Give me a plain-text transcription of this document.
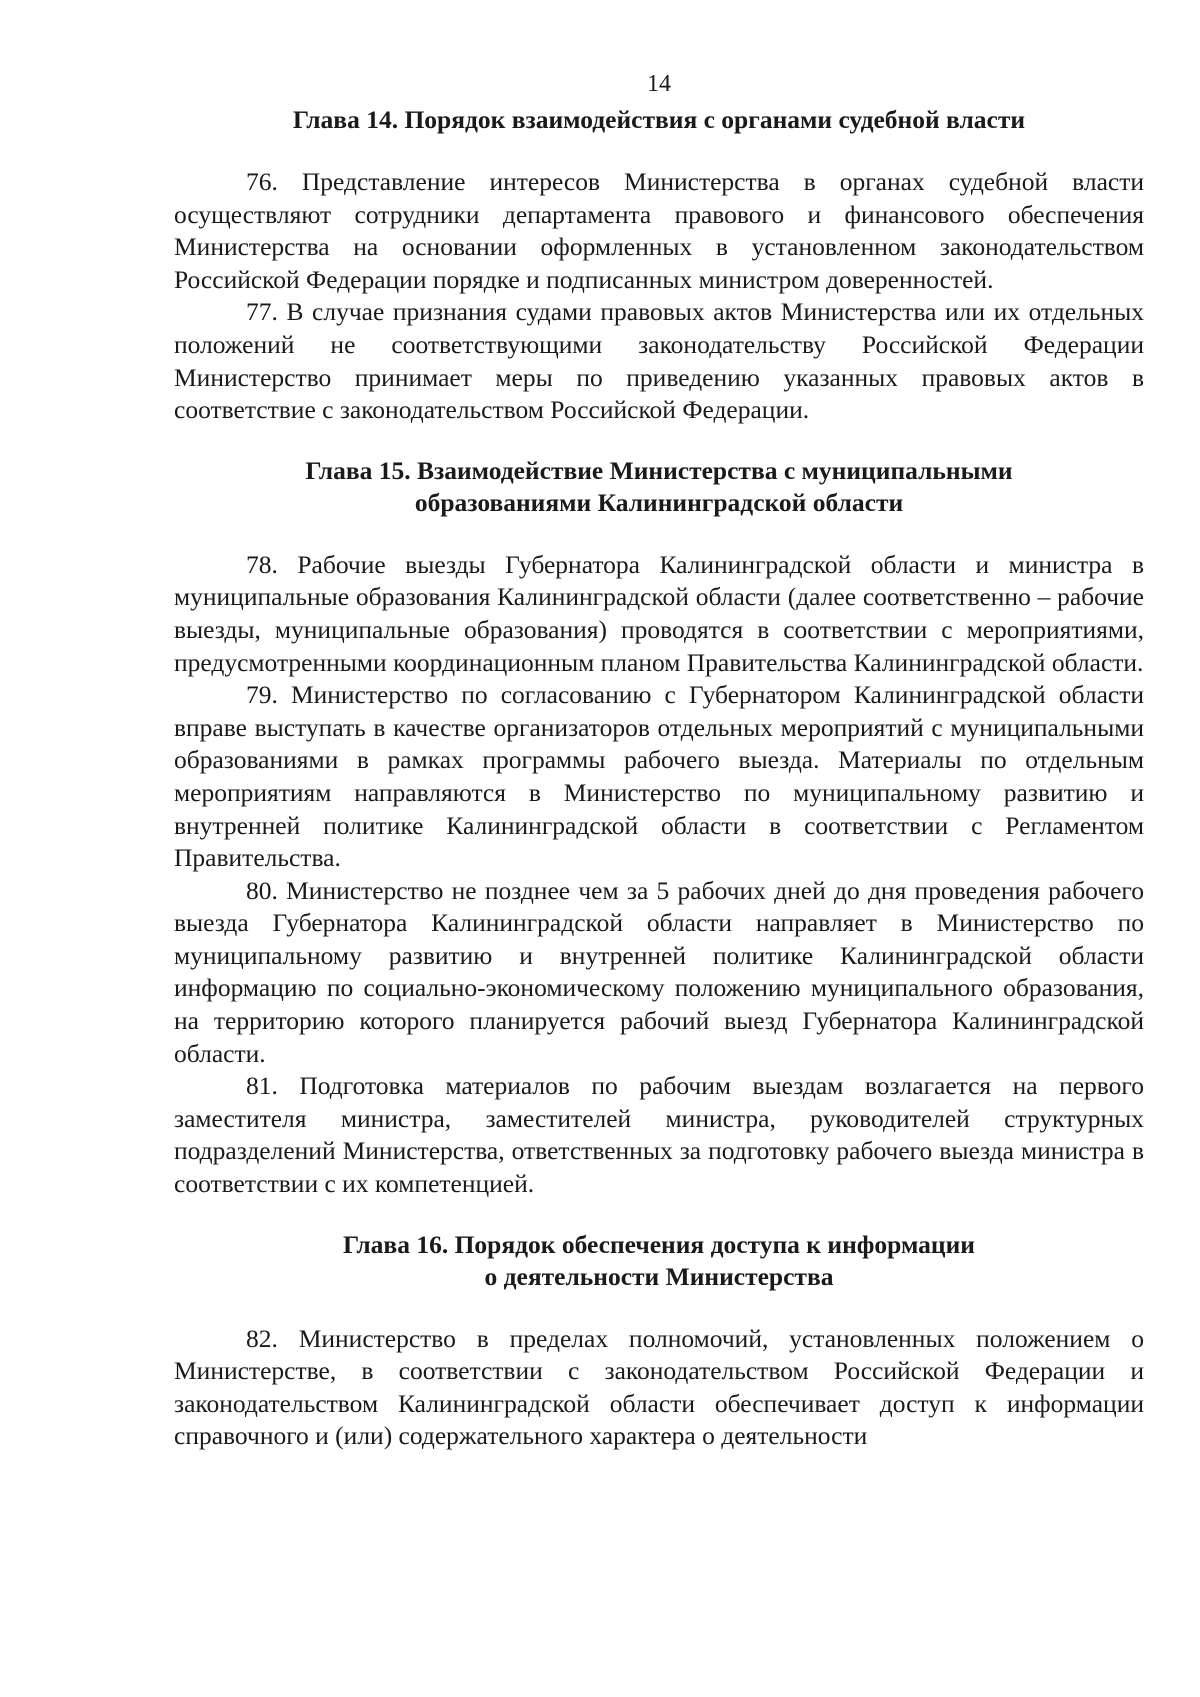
14
Глава 14. Порядок взаимодействия с органами судебной власти

76. Представление интересов Министерства в органах судебной власти осуществляют сотрудники департамента правового и финансового обеспечения Министерства на основании оформленных в установленном законодательством Российской Федерации порядке и подписанных министром доверенностей.

77. В случае признания судами правовых актов Министерства или их отдельных положений не соответствующими законодательству Российской Федерации Министерство принимает меры по приведению указанных правовых актов в соответствие с законодательством Российской Федерации.

Глава 15. Взаимодействие Министерства с муниципальными
образованиями Калининградской области

78. Рабочие выезды Губернатора Калининградской области и министра в муниципальные образования Калининградской области (далее соответственно – рабочие выезды, муниципальные образования) проводятся в соответствии с мероприятиями, предусмотренными координационным планом Правительства Калининградской области.

79. Министерство по согласованию с Губернатором Калининградской области вправе выступать в качестве организаторов отдельных мероприятий с муниципальными образованиями в рамках программы рабочего выезда. Материалы по отдельным мероприятиям направляются в Министерство по муниципальному развитию и внутренней политике Калининградской области в соответствии с Регламентом Правительства.

80. Министерство не позднее чем за 5 рабочих дней до дня проведения рабочего выезда Губернатора Калининградской области направляет в Министерство по муниципальному развитию и внутренней политике Калининградской области информацию по социально-экономическому положению муниципального образования, на территорию которого планируется рабочий выезд Губернатора Калининградской области.

81. Подготовка материалов по рабочим выездам возлагается на первого заместителя министра, заместителей министра, руководителей структурных подразделений Министерства, ответственных за подготовку рабочего выезда министра в соответствии с их компетенцией.

Глава 16. Порядок обеспечения доступа к информации
о деятельности Министерства

82. Министерство в пределах полномочий, установленных положением о Министерстве, в соответствии с законодательством Российской Федерации и законодательством Калининградской области обеспечивает доступ к информации справочного и (или) содержательного характера о деятельности
